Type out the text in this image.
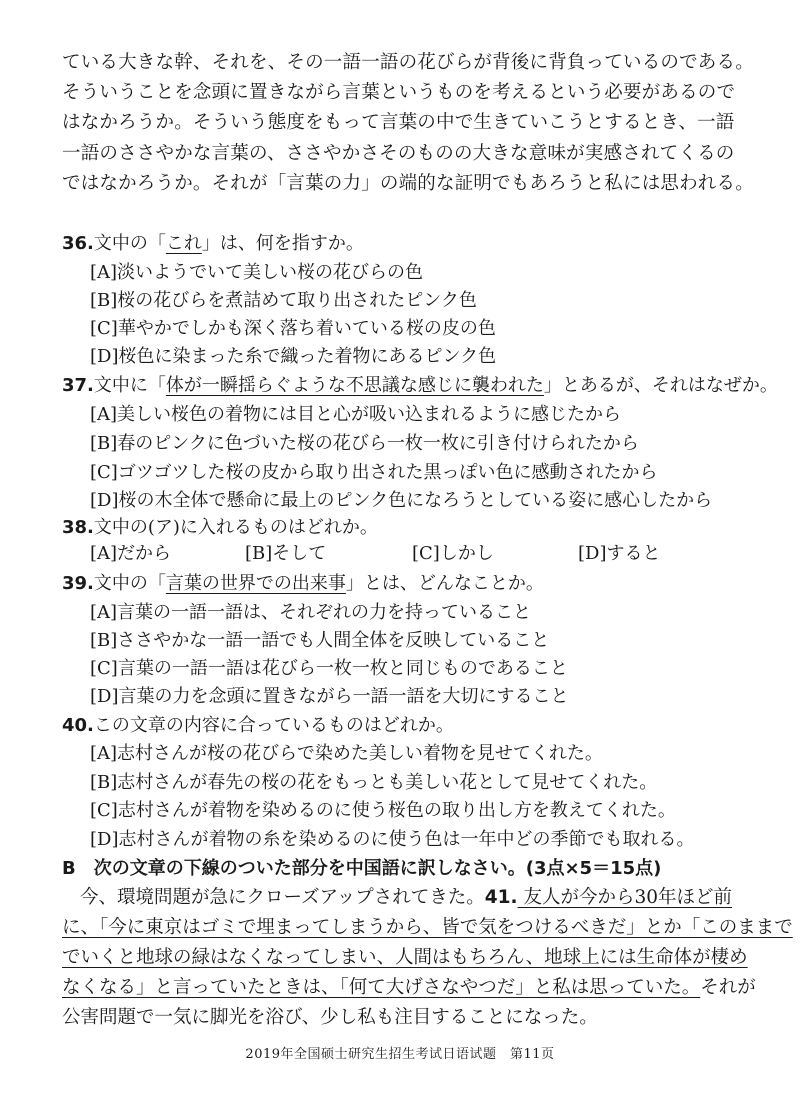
ている大きな幹、それを、その一語一語の花びらが背後に背負っているのである。
そういうことを念頭に置きながら言葉というものを考えるという必要があるので
はなかろうか。そういう態度をもって言葉の中で生きていこうとするとき、一語
一語のささやかな言葉の、ささやかさそのものの大きな意味が実感されてくるの
ではなかろうか。それが「言葉の力」の端的な証明でもあろうと私には思われる。
36.文中の「これ」は、何を指すか。
[A]淡いようでいて美しい桜の花びらの色
[B]桜の花びらを煮詰めて取り出されたピンク色
[C]華やかでしかも深く落ち着いている桜の皮の色
[D]桜色に染まった糸で織った着物にあるピンク色
37.文中に「体が一瞬揺らぐような不思議な感じに襲われた」とあるが、それはなぜか。
[A]美しい桜色の着物には目と心が吸い込まれるように感じたから
[B]春のピンクに色づいた桜の花びら一枚一枚に引き付けられたから
[C]ゴツゴツした桜の皮から取り出された黒っぽい色に感動されたから
[D]桜の木全体で懸命に最上のピンク色になろうとしている姿に感心したから
38.文中の(ア)に入れるものはどれか。
[A]だから	[B]そして	[C]しかし	[D]すると
39.文中の「言葉の世界での出来事」とは、どんなことか。
[A]言葉の一語一語は、それぞれの力を持っていること
[B]ささやかな一語一語でも人間全体を反映していること
[C]言葉の一語一語は花びら一枚一枚と同じものであること
[D]言葉の力を念頭に置きながら一語一語を大切にすること
40.この文章の内容に合っているものはどれか。
[A]志村さんが桜の花びらで染めた美しい着物を見せてくれた。
[B]志村さんが春先の桜の花をもっとも美しい花として見せてくれた。
[C]志村さんが着物を染めるのに使う桜色の取り出し方を教えてくれた。
[D]志村さんが着物の糸を染めるのに使う色は一年中どの季節でも取れる。
B　次の文章の下線のついた部分を中国語に訳しなさい。(3点×5＝15点)
今、環境問題が急にクローズアップされてきた。41. 友人が今から30年ほど前
に、「今に東京はゴミで埋まってしまうから、皆で気をつけるべきだ」とか「このままで
でいくと地球の緑はなくなってしまい、人間はもちろん、地球上には生命体が棲め
なくなる」と言っていたときは、「何て大げさなやつだ」と私は思っていた。それが
公害問題で一気に脚光を浴び、少し私も注目することになった。
2019年全国硕士研究生招生考试日语试题　第11页
